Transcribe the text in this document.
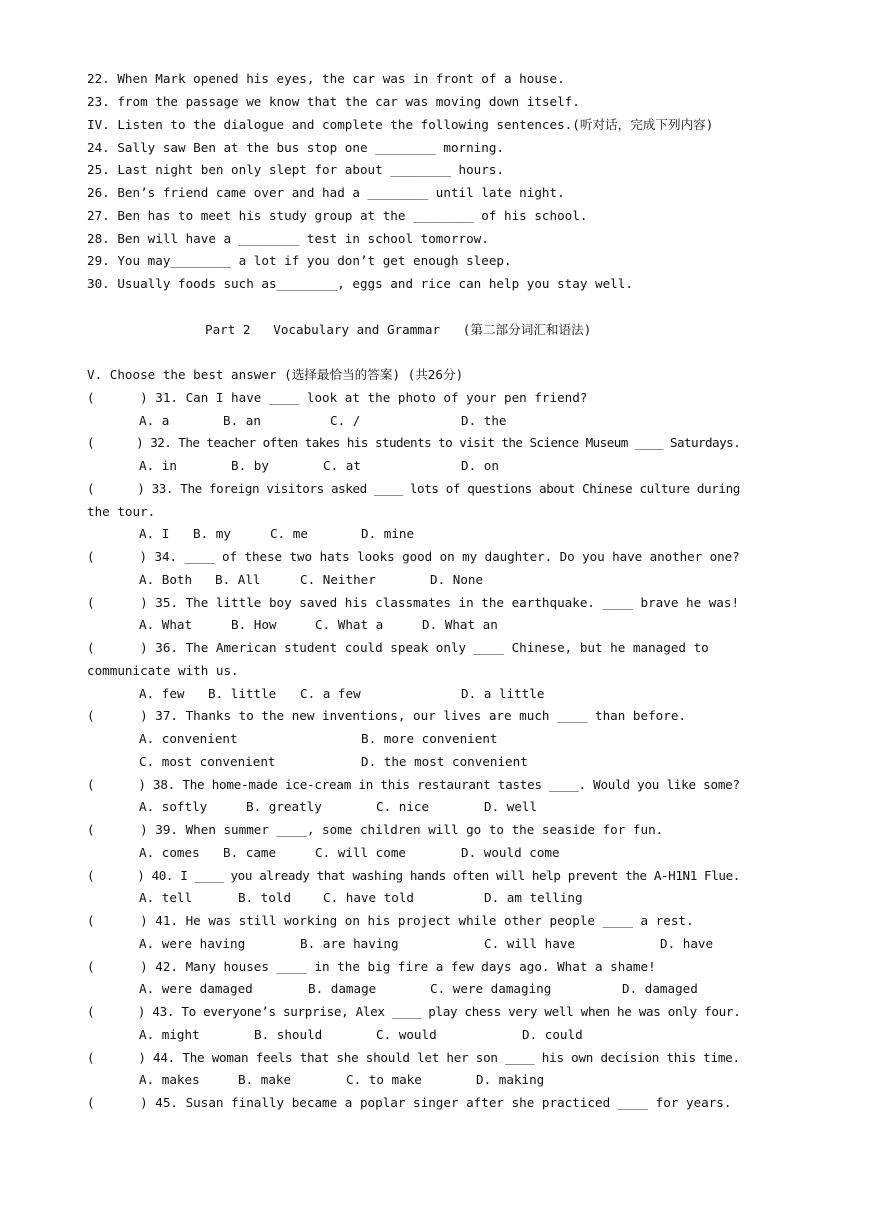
22. When Mark opened his eyes, the car was in front of a house.
23. from the passage we know that the car was moving down itself.
IV. Listen to the dialogue and complete the following sentences.(听对话，完成下列内容)
24. Sally saw Ben at the bus stop one ________ morning.
25. Last night ben only slept for about ________ hours.
26. Ben’s friend came over and had a ________ until late night.
27. Ben has to meet his study group at the ________ of his school.
28. Ben will have a ________ test in school tomorrow.
29. You may________ a lot if you don’t get enough sleep.
30. Usually foods such as________, eggs and rice can help you stay well.
Part 2   Vocabulary and Grammar   (第二部分词汇和语法)
V. Choose the best answer (选择最恰当的答案) (共26分)
(      ) 31. Can I have ____ look at the photo of your pen friend?
A. a	B. an	C. /	D. the
(      ) 32. The teacher often takes his students to visit the Science Museum ____ Saturdays.
A. in	B. by	C. at	D. on
(      ) 33. The foreign visitors asked ____ lots of questions about Chinese culture during
the tour.
A. I B. my	C. me	D. mine
(      ) 34. ____ of these two hats looks good on my daughter. Do you have another one?
A. Both B. All	C. Neither	D. None
(      ) 35. The little boy saved his classmates in the earthquake. ____ brave he was!
A. What	B. How	C. What a	D. What an
(      ) 36. The American student could speak only ____ Chinese, but he managed to
communicate with us.
A. few B. little C. a few	D. a little
(      ) 37. Thanks to the new inventions, our lives are much ____ than before.
A. convenient	B. more convenient
C. most convenient	D. the most convenient
(      ) 38. The home-made ice-cream in this restaurant tastes ____. Would you like some?
A. softly	B. greatly	C. nice	D. well
(      ) 39. When summer ____, some children will go to the seaside for fun.
A. comes B. came	C. will come	D. would come
(      ) 40. I ____ you already that washing hands often will help prevent the A-H1N1 Flue.
A. tell	B. told	C. have told	D. am telling
(      ) 41. He was still working on his project while other people ____ a rest.
A. were having	B. are having	C. will have	D. have
(      ) 42. Many houses ____ in the big fire a few days ago. What a shame!
A. were damaged	B. damage	C. were damaging	D. damaged
(      ) 43. To everyone’s surprise, Alex ____ play chess very well when he was only four.
A. might	B. should	C. would	D. could
(      ) 44. The woman feels that she should let her son ____ his own decision this time.
A. makes	B. make	C. to make	D. making
(      ) 45. Susan finally became a poplar singer after she practiced ____ for years.
